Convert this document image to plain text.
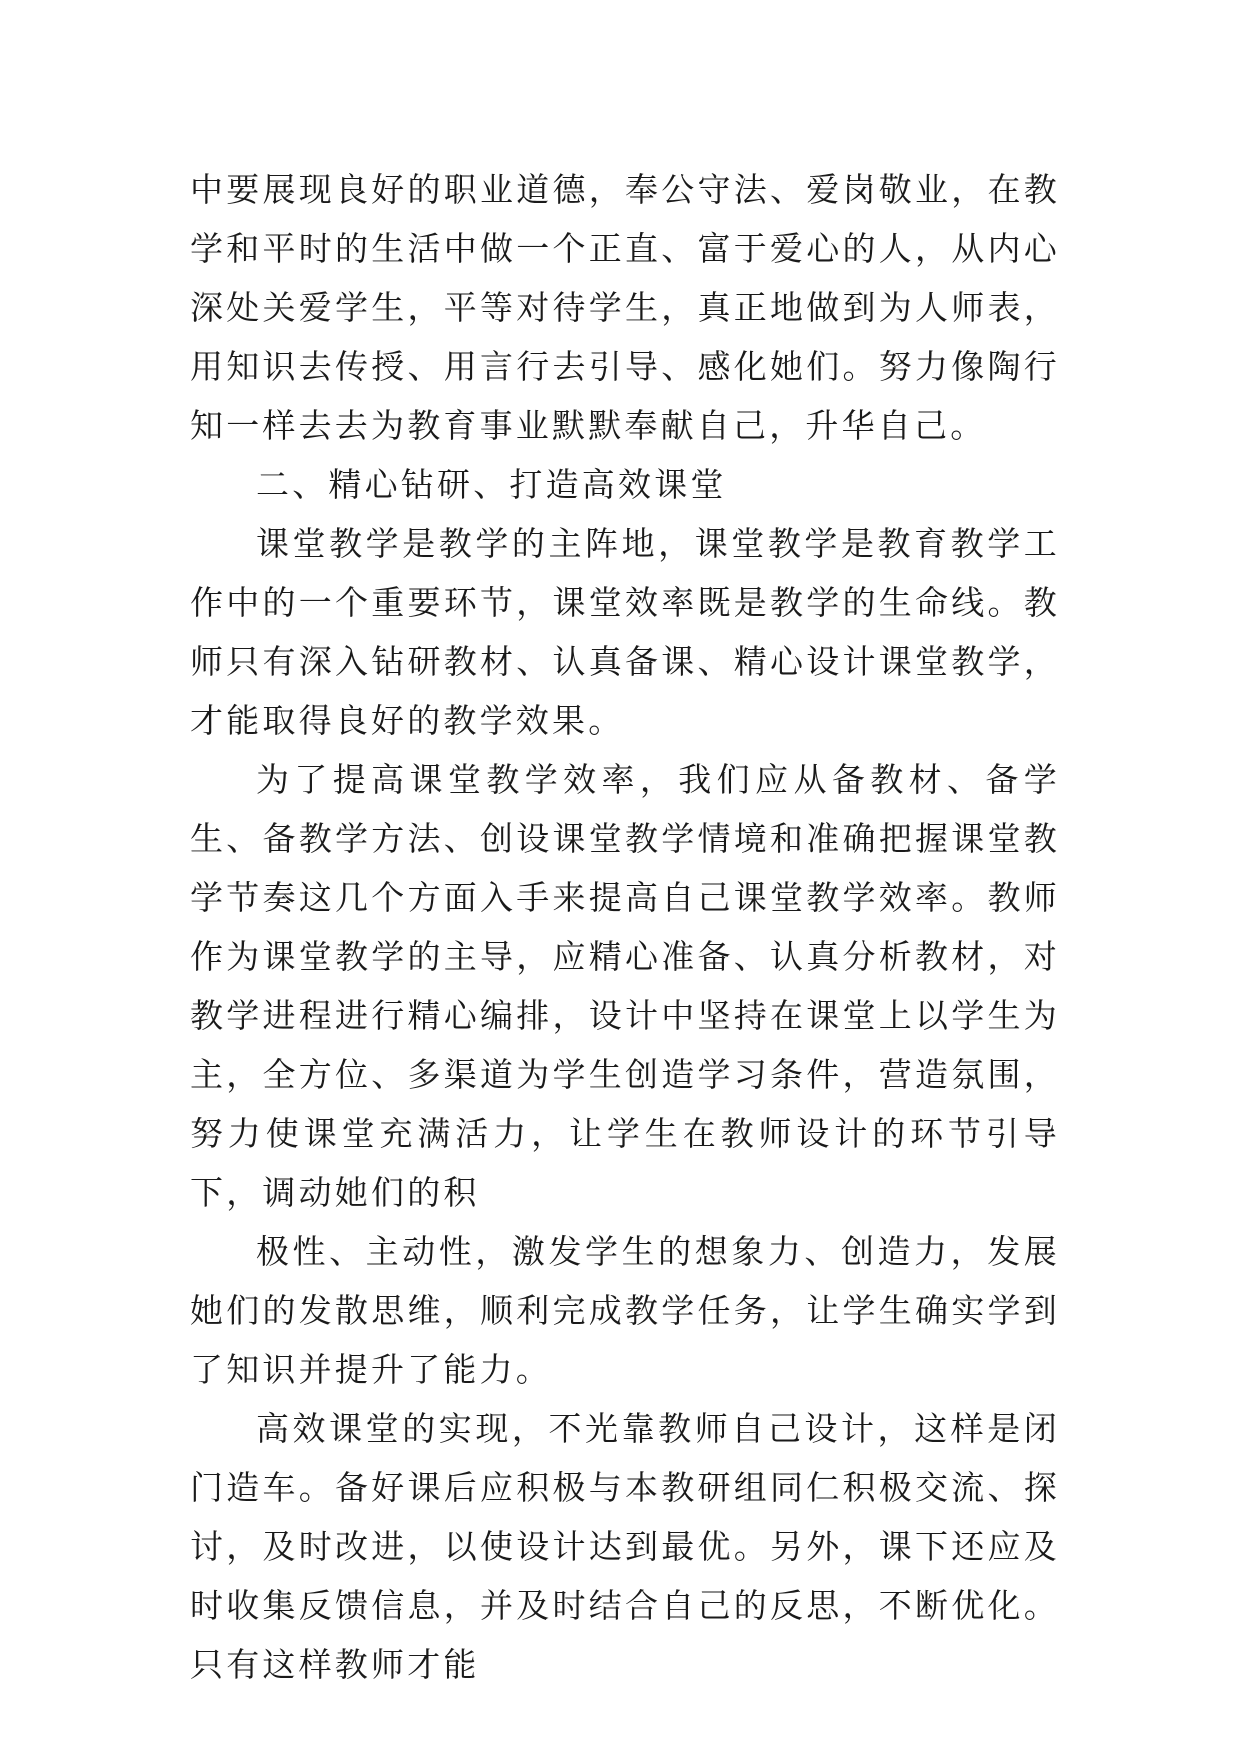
中要展现良好的职业道德，奉公守法、爱岗敬业，在教学和平时的生活中做一个正直、富于爱心的人，从内心深处关爱学生，平等对待学生，真正地做到为人师表，用知识去传授、用言行去引导、感化她们。努力像陶行知一样去去为教育事业默默奉献自己，升华自己。

二、精心钻研、打造高效课堂

课堂教学是教学的主阵地，课堂教学是教育教学工作中的一个重要环节，课堂效率既是教学的生命线。教师只有深入钻研教材、认真备课、精心设计课堂教学，才能取得良好的教学效果。

为了提高课堂教学效率，我们应从备教材、备学生、备教学方法、创设课堂教学情境和准确把握课堂教学节奏这几个方面入手来提高自己课堂教学效率。教师作为课堂教学的主导，应精心准备、认真分析教材，对教学进程进行精心编排，设计中坚持在课堂上以学生为主，全方位、多渠道为学生创造学习条件，营造氛围，努力使课堂充满活力，让学生在教师设计的环节引导下，调动她们的积

极性、主动性，激发学生的想象力、创造力，发展她们的发散思维，顺利完成教学任务，让学生确实学到了知识并提升了能力。

高效课堂的实现，不光靠教师自己设计，这样是闭门造车。备好课后应积极与本教研组同仁积极交流、探讨，及时改进，以使设计达到最优。另外，课下还应及时收集反馈信息，并及时结合自己的反思，不断优化。只有这样教师才能
